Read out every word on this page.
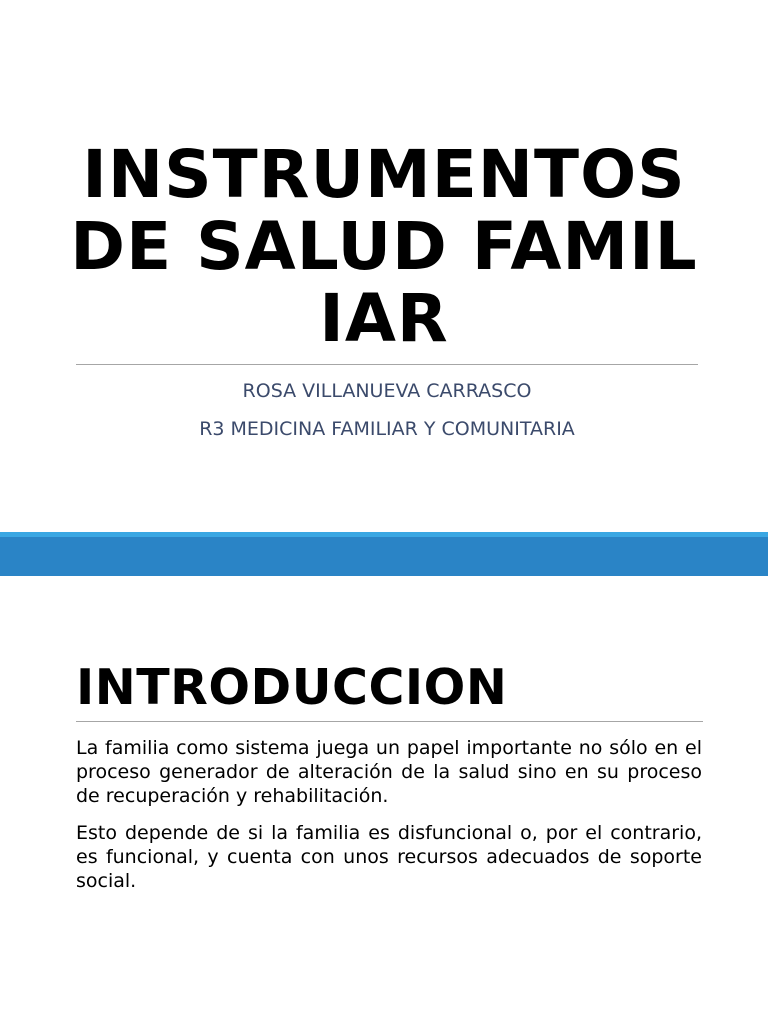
INSTRUMENTOS DE SALUD FAMILIAR

ROSA VILLANUEVA CARRASCO

R3 MEDICINA FAMILIAR Y COMUNITARIA

INTRODUCCION

La familia como sistema juega un papel importante no sólo en el proceso generador de alteración de la salud sino en su proceso de recuperación y rehabilitación.

Esto depende de si la familia es disfuncional o, por el contrario, es funcional, y cuenta con unos recursos adecuados de soporte social.
